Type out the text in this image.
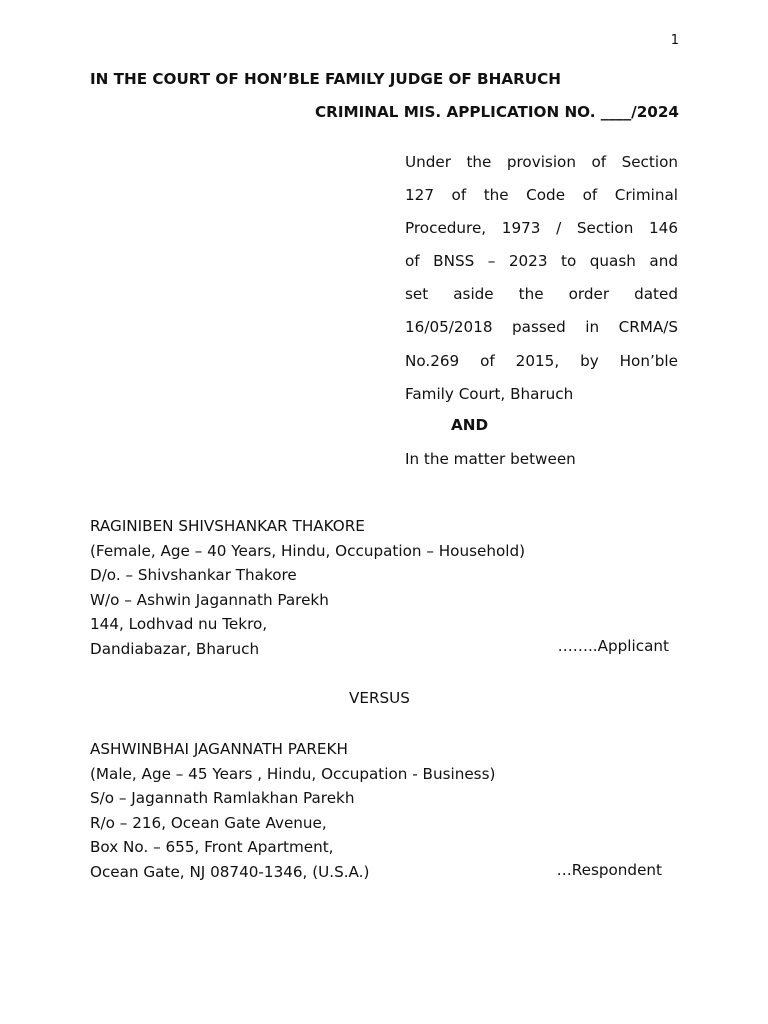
1
IN THE COURT OF HON’BLE FAMILY JUDGE OF BHARUCH
CRIMINAL MIS. APPLICATION NO. ____/2024
Under the provision of Section
127 of the Code of Criminal
Procedure, 1973 / Section 146
of BNSS – 2023 to quash and
set aside the order dated
16/05/2018 passed in CRMA/S
No.269 of 2015, by Hon’ble
Family Court, Bharuch
AND
In the matter between
RAGINIBEN SHIVSHANKAR THAKORE
(Female, Age – 40 Years, Hindu, Occupation – Household)
D/o. – Shivshankar Thakore
W/o – Ashwin Jagannath Parekh
144, Lodhvad nu Tekro,
Dandiabazar, Bharuch	……..Applicant
VERSUS
ASHWINBHAI JAGANNATH PAREKH
(Male, Age – 45 Years , Hindu, Occupation - Business)
S/o – Jagannath Ramlakhan Parekh
R/o – 216, Ocean Gate Avenue,
Box No. – 655, Front Apartment,
Ocean Gate, NJ 08740-1346, (U.S.A.)	…Respondent
